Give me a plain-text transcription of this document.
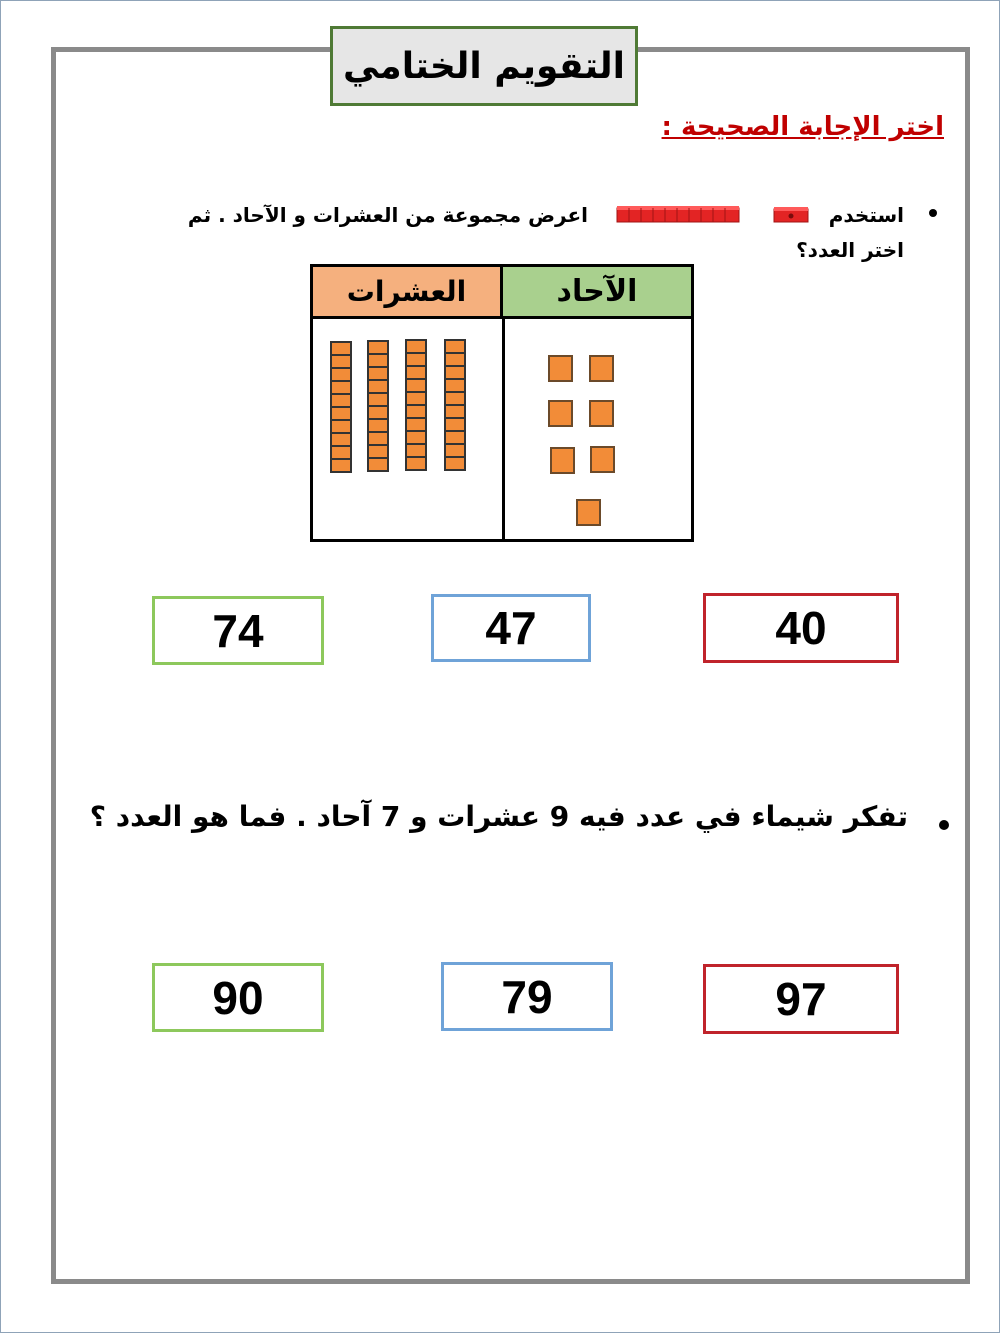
التقويم الختامي
اختر الإجابة الصحيحة :
استخدم
اعرض مجموعة من العشرات و الآحاد . ثم
اختر العدد؟
العشرات	الآحاد
74	47	40
تفكر شيماء في عدد فيه 9 عشرات و 7 آحاد . فما هو العدد ؟
90	79	97
